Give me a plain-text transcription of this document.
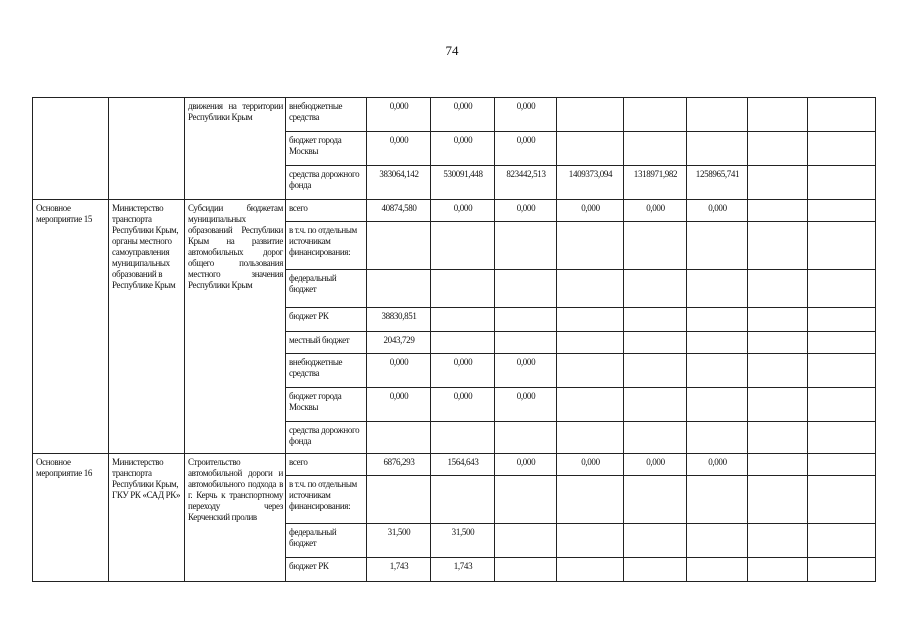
74
		движения на территории Республики Крым	внебюджетные средства	0,000	0,000	0,000						
			бюджет города Москвы	0,000	0,000	0,000						
			средства дорожного фонда	383064,142	530091,448	823442,513	1409373,094	1318971,982	1258965,741			
Основное мероприятие 15	Министерство транспорта Республики Крым, органы местного самоуправления муниципальных образований в Республике Крым	Субсидии бюджетам муниципальных образований Республики Крым на развитие автомобильных дорог общего пользования местного значения Республики Крым	всего	40874,580	0,000	0,000	0,000	0,000	0,000			
			в т.ч. по отдельным источникам финансирования:									
			федеральный бюджет									
			бюджет РК	38830,851								
			местный бюджет	2043,729								
			внебюджетные средства	0,000	0,000	0,000						
			бюджет города Москвы	0,000	0,000	0,000						
			средства дорожного фонда									
Основное мероприятие 16	Министерство транспорта Республики Крым, ГКУ РК «САД РК»	Строительство автомобильной дороги и автомобильного подхода в г. Керчь к транспортному переходу через Керченский пролив	всего	6876,293	1564,643	0,000	0,000	0,000	0,000			
			в т.ч. по отдельным источникам финансирования:									
			федеральный бюджет	31,500	31,500							
			бюджет РК	1,743	1,743							
